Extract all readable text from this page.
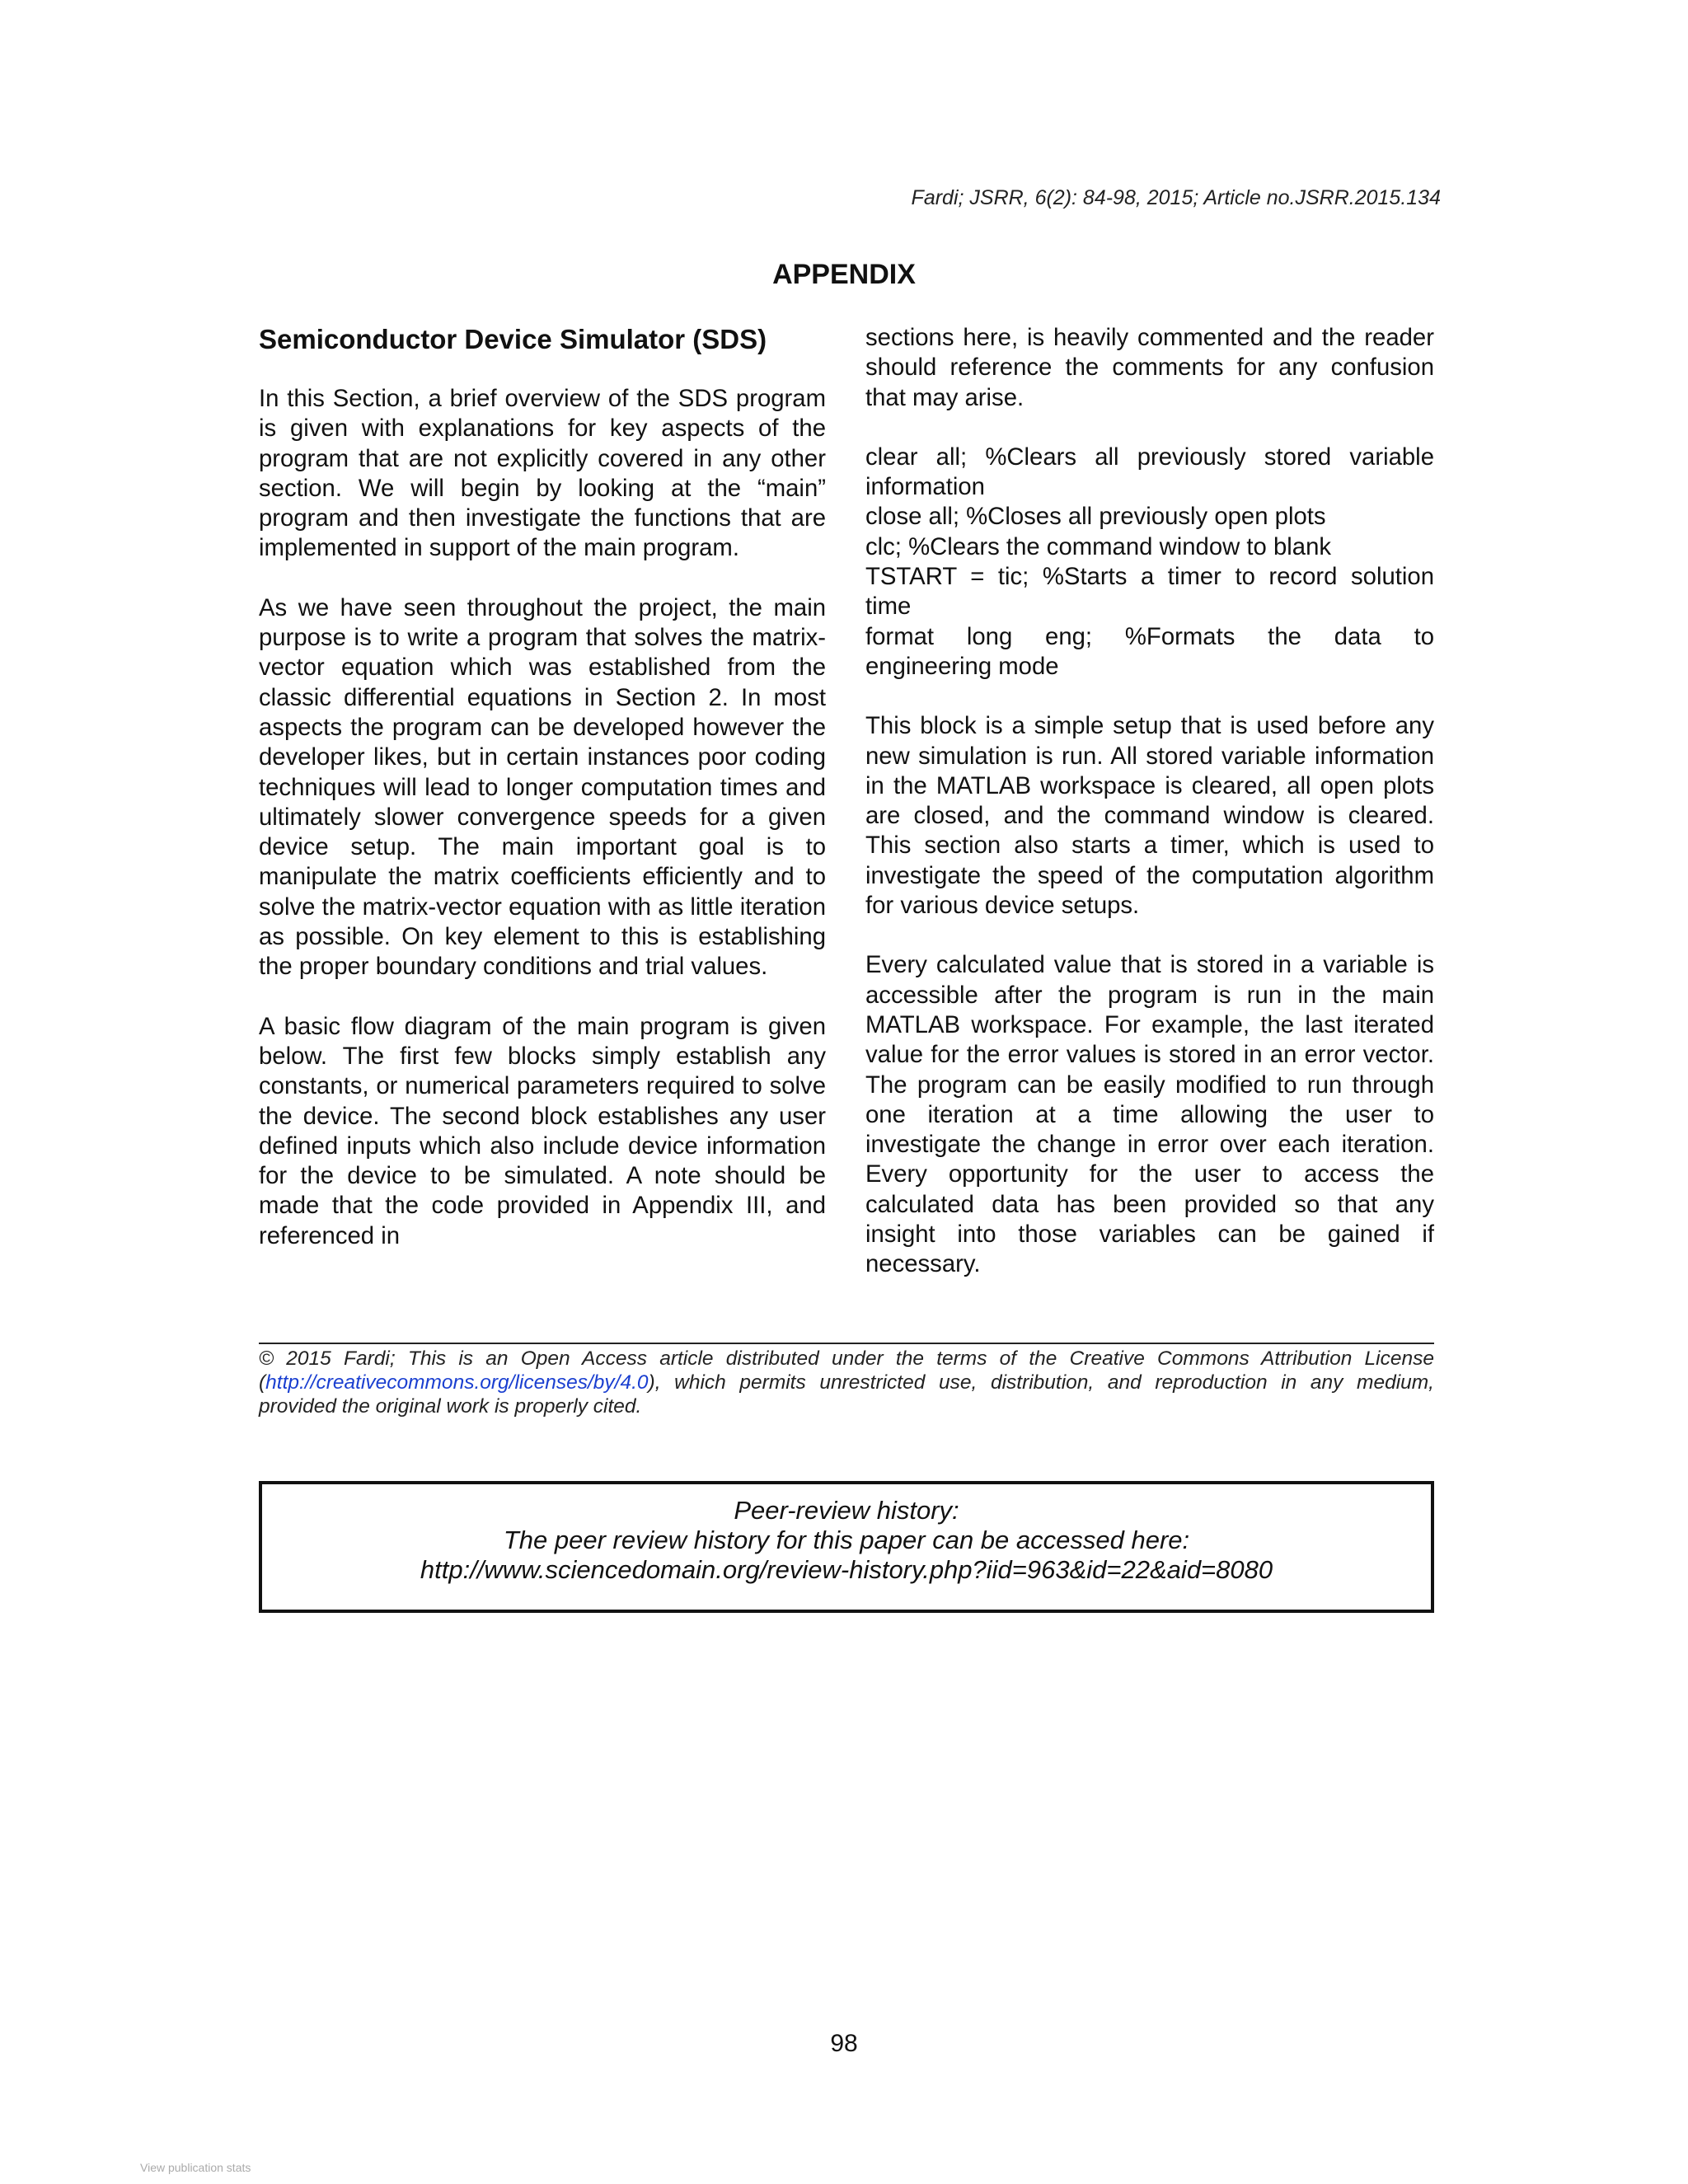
Fardi; JSRR, 6(2): 84-98, 2015; Article no.JSRR.2015.134
APPENDIX
Semiconductor Device Simulator (SDS)

In this Section, a brief overview of the SDS program is given with explanations for key aspects of the program that are not explicitly covered in any other section. We will begin by looking at the “main” program and then investigate the functions that are implemented in support of the main program.

As we have seen throughout the project, the main purpose is to write a program that solves the matrix-vector equation which was established from the classic differential equations in Section 2. In most aspects the program can be developed however the developer likes, but in certain instances poor coding techniques will lead to longer computation times and ultimately slower convergence speeds for a given device setup. The main important goal is to manipulate the matrix coefficients efficiently and to solve the matrix-vector equation with as little iteration as possible. On key element to this is establishing the proper boundary conditions and trial values.

A basic flow diagram of the main program is given below. The first few blocks simply establish any constants, or numerical parameters required to solve the device. The second block establishes any user defined inputs which also include device information for the device to be simulated. A note should be made that the code provided in Appendix III, and referenced in

sections here, is heavily commented and the reader should reference the comments for any confusion that may arise.

clear all; %Clears all previously stored variable
information
close all; %Closes all previously open plots
clc; %Clears the command window to blank
TSTART = tic; %Starts a timer to record solution
time
format long eng; %Formats the data to
engineering mode

This block is a simple setup that is used before any new simulation is run. All stored variable information in the MATLAB workspace is cleared, all open plots are closed, and the command window is cleared. This section also starts a timer, which is used to investigate the speed of the computation algorithm for various device setups.

Every calculated value that is stored in a variable is accessible after the program is run in the main MATLAB workspace. For example, the last iterated value for the error values is stored in an error vector. The program can be easily modified to run through one iteration at a time allowing the user to investigate the change in error over each iteration. Every opportunity for the user to access the calculated data has been provided so that any insight into those variables can be gained if necessary.

© 2015 Fardi; This is an Open Access article distributed under the terms of the Creative Commons Attribution License (http://creativecommons.org/licenses/by/4.0), which permits unrestricted use, distribution, and reproduction in any medium, provided the original work is properly cited.
Peer-review history:
The peer review history for this paper can be accessed here:
http://www.sciencedomain.org/review-history.php?iid=963&id=22&aid=8080
98
View publication stats
